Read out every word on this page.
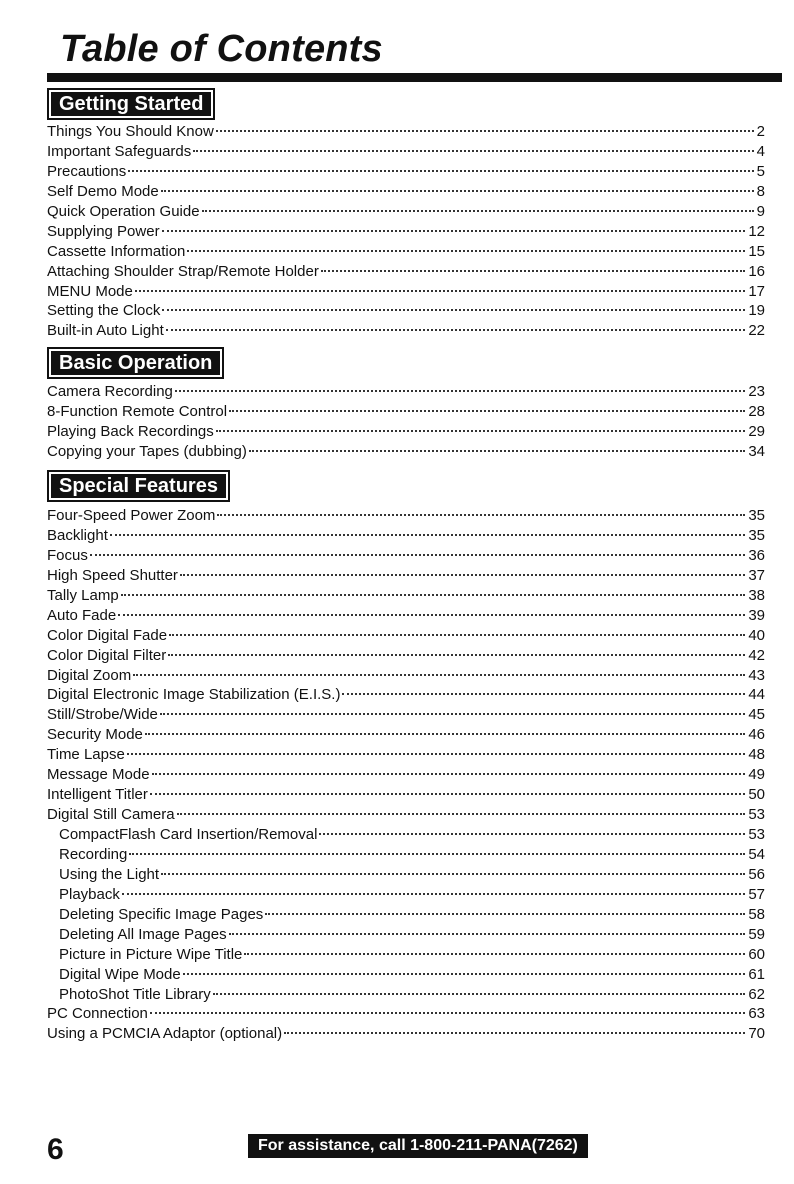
Table of Contents
Getting Started
Things You Should Know	2
Important Safeguards	4
Precautions	5
Self Demo Mode	8
Quick Operation Guide	9
Supplying Power	12
Cassette Information	15
Attaching Shoulder Strap/Remote Holder	16
MENU Mode	17
Setting the Clock	19
Built-in Auto Light	22
Basic Operation
Camera Recording	23
8-Function Remote Control	28
Playing Back Recordings	29
Copying your Tapes (dubbing)	34
Special Features
Four-Speed Power Zoom	35
Backlight	35
Focus	36
High Speed Shutter	37
Tally Lamp	38
Auto Fade	39
Color Digital Fade	40
Color Digital Filter	42
Digital Zoom	43
Digital Electronic Image Stabilization (E.I.S.)	44
Still/Strobe/Wide	45
Security Mode	46
Time Lapse	48
Message Mode	49
Intelligent Titler	50
Digital Still Camera	53
CompactFlash Card Insertion/Removal	53
Recording	54
Using the Light	56
Playback	57
Deleting Specific Image Pages	58
Deleting All Image Pages	59
Picture in Picture Wipe Title	60
Digital Wipe Mode	61
PhotoShot Title Library	62
PC Connection	63
Using a PCMCIA Adaptor (optional)	70
6	For assistance, call 1-800-211-PANA(7262)
